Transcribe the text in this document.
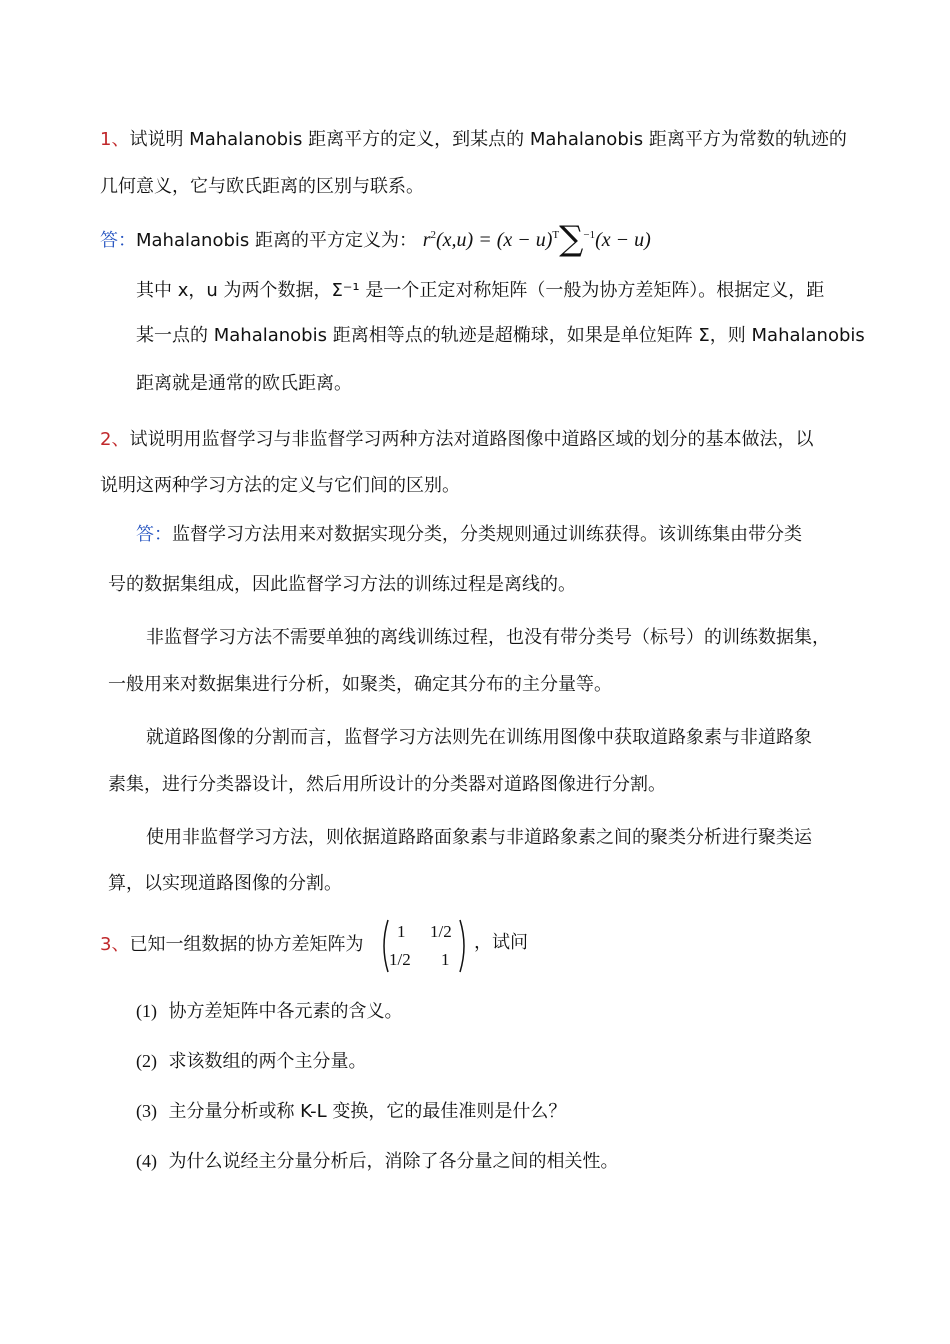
1、试说明 Mahalanobis 距离平方的定义，到某点的 Mahalanobis 距离平方为常数的轨迹的
几何意义，它与欧氏距离的区别与联系。
答：Mahalanobis 距离的平方定义为： $r^2(x,u) = (x - u)^T\sum^{-1}(x - u)$
其中 x，u 为两个数据，Σ⁻¹ 是一个正定对称矩阵（一般为协方差矩阵）。根据定义，距
某一点的 Mahalanobis 距离相等点的轨迹是超椭球，如果是单位矩阵 Σ，则 Mahalanobis
距离就是通常的欧氏距离。
2、试说明用监督学习与非监督学习两种方法对道路图像中道路区域的划分的基本做法，以
说明这两种学习方法的定义与它们间的区别。
答：监督学习方法用来对数据实现分类，分类规则通过训练获得。该训练集由带分类
号的数据集组成，因此监督学习方法的训练过程是离线的。
非监督学习方法不需要单独的离线训练过程，也没有带分类号（标号）的训练数据集，
一般用来对数据集进行分析，如聚类，确定其分布的主分量等。
就道路图像的分割而言，监督学习方法则先在训练用图像中获取道路象素与非道路象
素集，进行分类器设计，然后用所设计的分类器对道路图像进行分割。
使用非监督学习方法，则依据道路路面象素与非道路象素之间的聚类分析进行聚类运
算，以实现道路图像的分割。
3、已知一组数据的协方差矩阵为
1 1/2
1/2 1
，试问
(1) 协方差矩阵中各元素的含义。
(2) 求该数组的两个主分量。
(3) 主分量分析或称 K-L 变换，它的最佳准则是什么？
(4) 为什么说经主分量分析后，消除了各分量之间的相关性。
